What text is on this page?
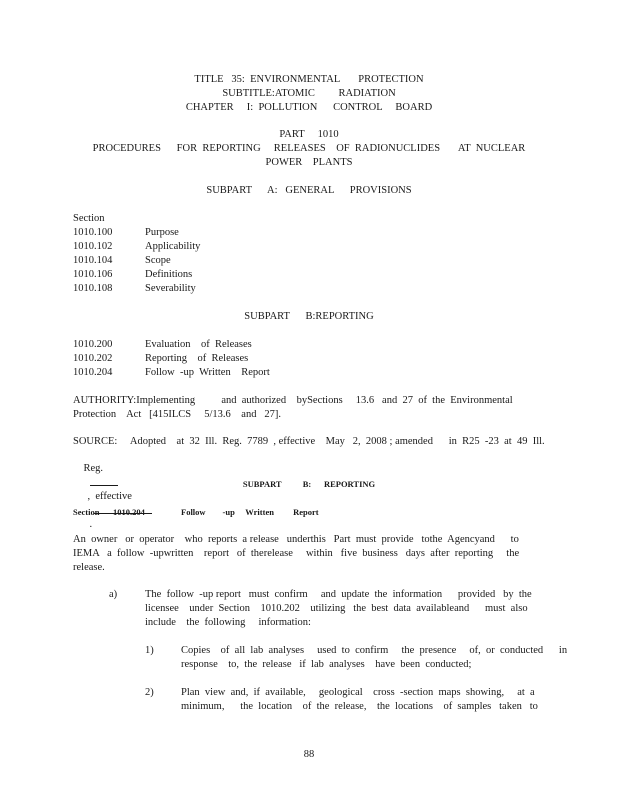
TITLE   35:  ENVIRONMENTAL       PROTECTION
SUBTITLE:ATOMIC         RADIATION
CHAPTER     I:  POLLUTION      CONTROL     BOARD
PART     1010
PROCEDURES      FOR  REPORTING     RELEASES    OF  RADIONUCLIDES       AT  NUCLEAR
POWER    PLANTS
SUBPART      A:   GENERAL      PROVISIONS
Section
1010.100	Purpose
1010.102	Applicability
1010.104	Scope
1010.106	Definitions
1010.108	Severability
SUBPART      B:REPORTING
1010.200	Evaluation    of  Releases
1010.202	Reporting    of  Releases
1010.204	Follow  -up  Written    Report
AUTHORITY:Implementing          and  authorized    bySections     13.6   and  27  of  the  Environmental
Protection    Act   [415ILCS     5/13.6    and   27].
SOURCE:     Adopted    at  32  Ill.  Reg.  7789  , effective    May   2,  2008 ; amended      in  R25  -23  at  49  Ill.

Reg.

,  effective

.

SUBPART          B:      REPORTING
Section 1010.204	Follow        -up     Written         Report
An  owner   or  operator    who  reports  a release   underthis   Part  must  provide   tothe  Agencyand      to
IEMA   a  follow  -upwritten    report   of  therelease     within   five  business   days  after  reporting     the
release.
a)	The  follow  -up report   must  confirm     and  update  the  information      provided   by  the
licensee    under  Section    1010.202    utilizing   the  best  data  availableand      must  also
include    the  following     information:
1)	Copies    of  all  lab  analyses     used  to  confirm     the  presence     of,  or  conducted      in
response    to,  the  release   if  lab  analyses    have  been  conducted;
2)	Plan  view  and,  if  available,     geological    cross  -section  maps  showing,     at  a
minimum,      the  location    of  the  release,    the  locations    of  samples   taken   to
88
